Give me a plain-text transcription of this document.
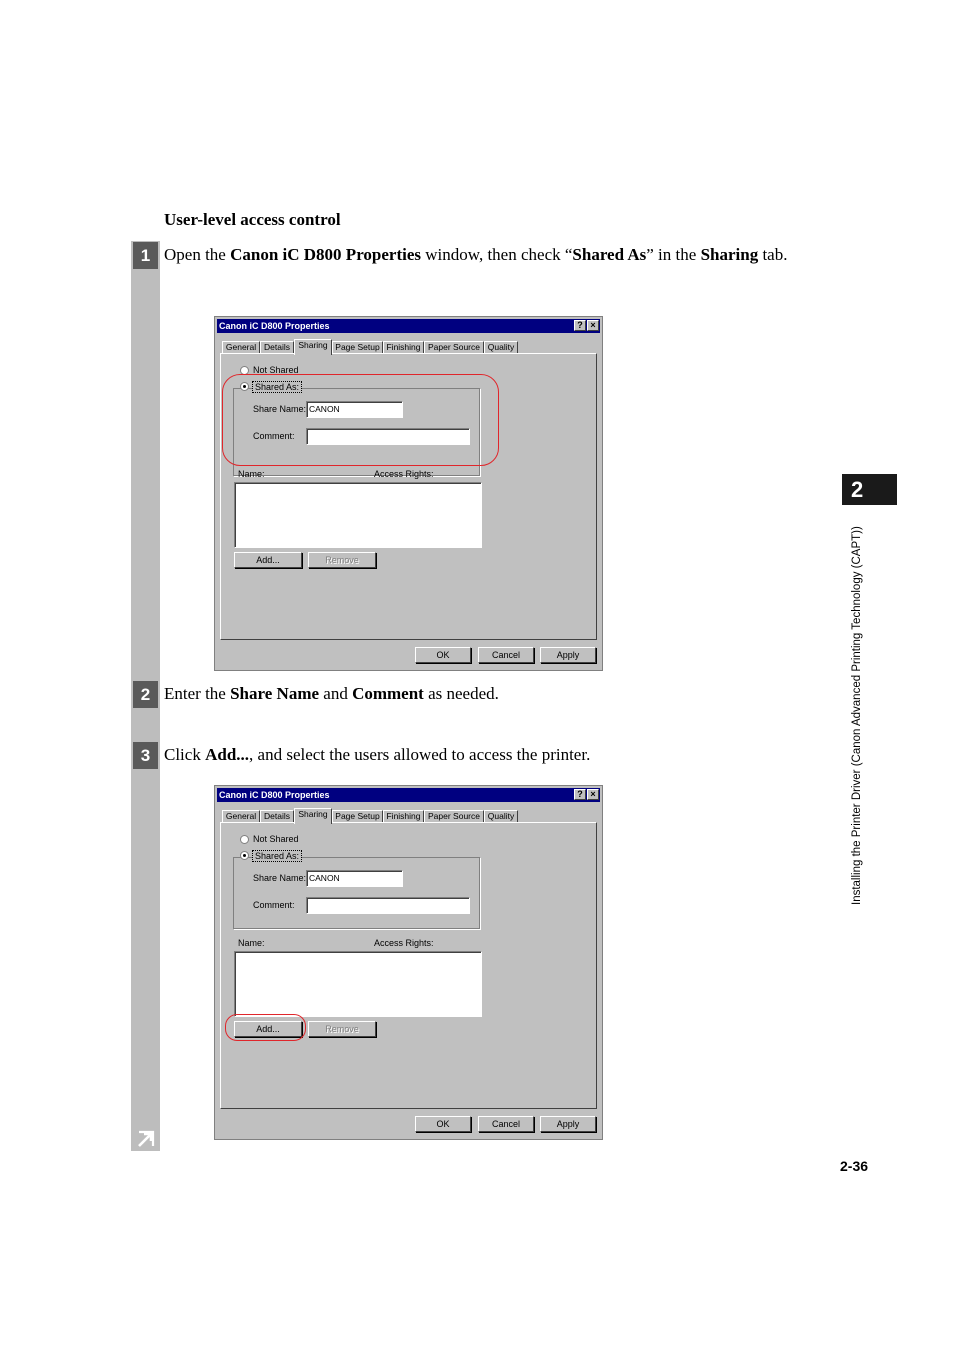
1
2
3
User-level access control
Open the Canon iC D800 Properties window, then check “Shared As” in the Sharing tab.
Enter the Share Name and Comment as needed.
Click Add..., and select the users allowed to access the printer.
Canon iC D800 Properties	? ×
General Details Sharing Page Setup Finishing Paper Source Quality
Not Shared
Shared As:
Share Name: CANON
Comment:
Name:	Access Rights:
Add...	Remove
OK	Cancel	Apply
Canon iC D800 Properties	? ×
General Details Sharing Page Setup Finishing Paper Source Quality
Not Shared
Shared As:
Share Name: CANON
Comment:
Name:	Access Rights:
Add...	Remove
OK	Cancel	Apply
2
Installing the Printer Driver (Canon Advanced Printing Technology (CAPT))
2-36
